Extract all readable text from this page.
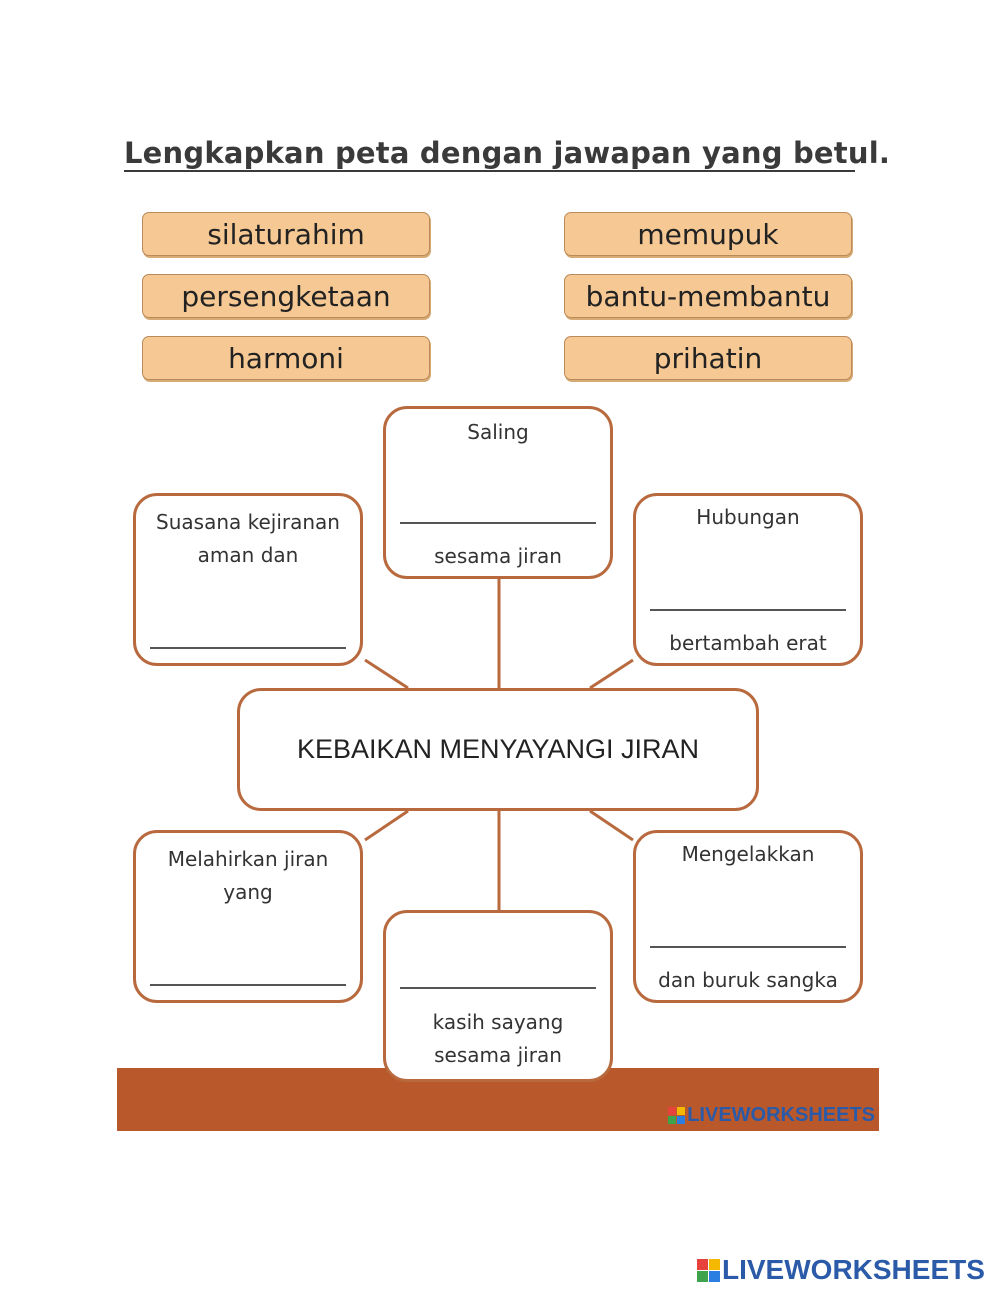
Lengkapkan peta dengan jawapan yang betul.
silaturahim
persengketaan
harmoni
memupuk
bantu-membantu
prihatin
Saling
sesama jiran
Suasana kejiranan
aman dan
Hubungan
bertambah erat
KEBAIKAN MENYAYANGI JIRAN
Melahirkan jiran
yang
Mengelakkan
dan buruk sangka
LIVEWORKSHEETS
kasih sayang
sesama jiran
LIVEWORKSHEETS
